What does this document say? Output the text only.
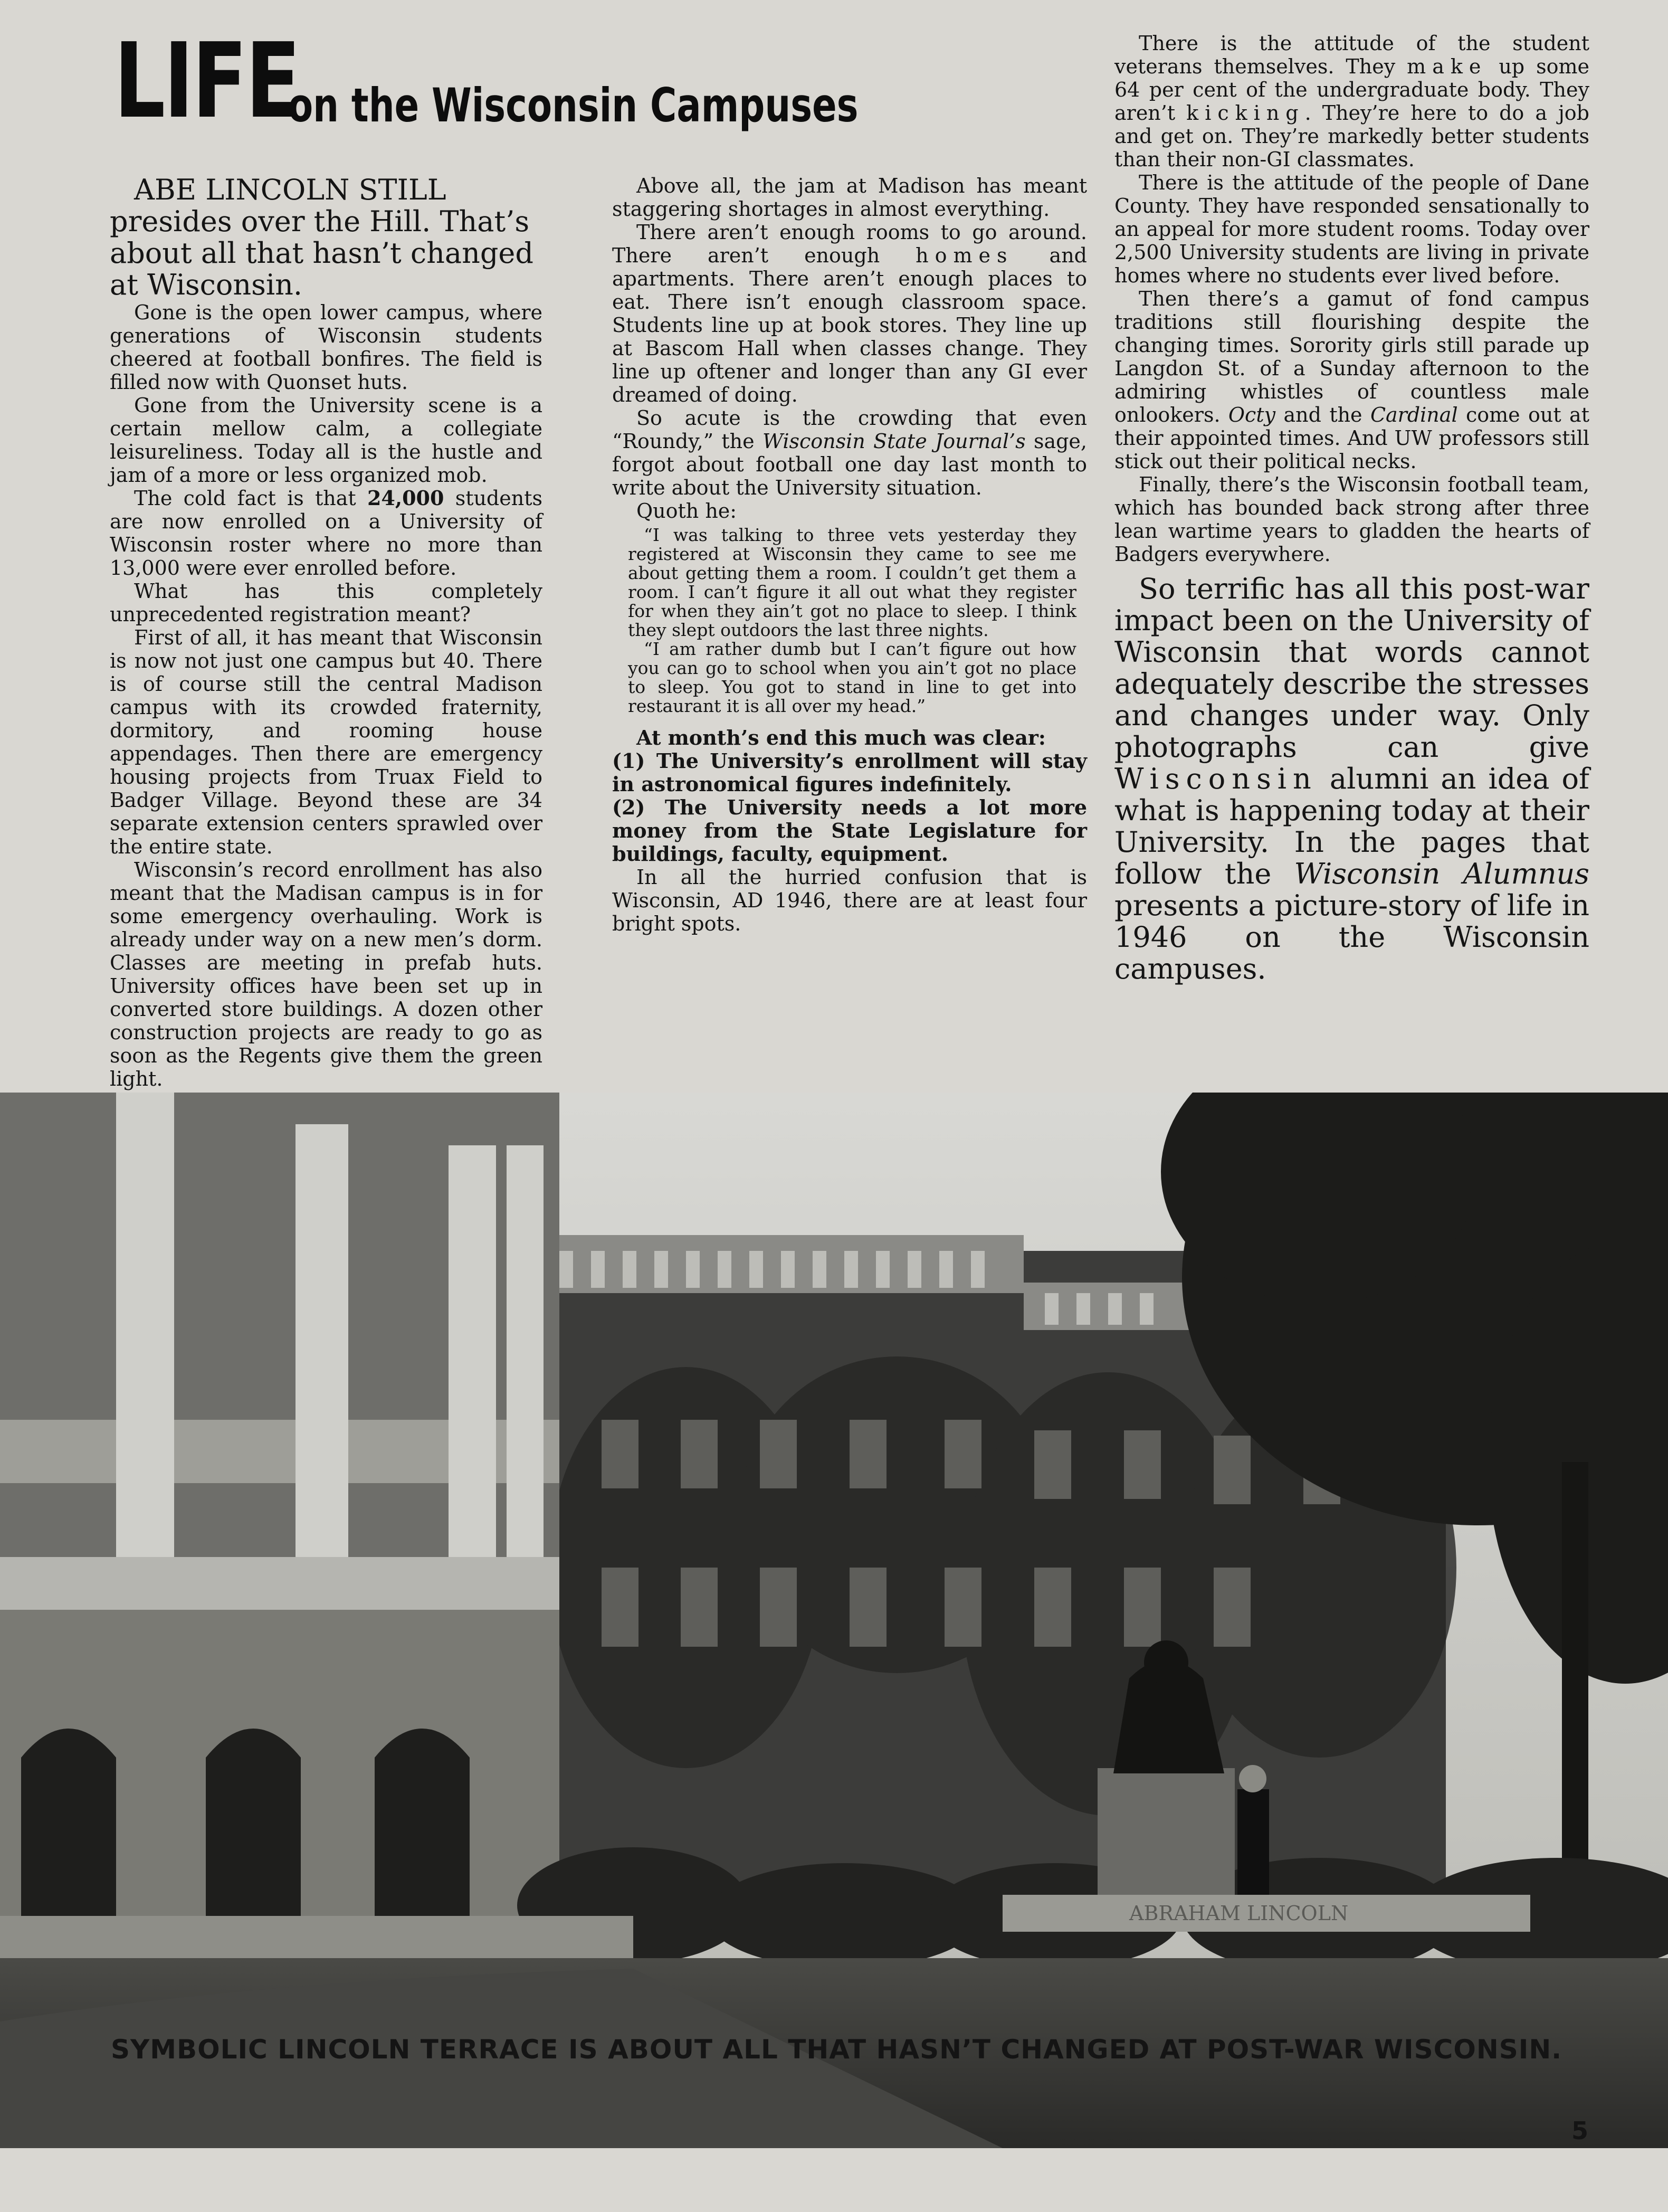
LIFE
on the Wisconsin Campuses

ABE LINCOLN STILL presides over the Hill. That’s about all that hasn’t changed at Wisconsin.

Gone is the open lower campus, where generations of Wisconsin students cheered at football bonfires. The field is filled now with Quonset huts.

Gone from the University scene is a certain mellow calm, a collegiate leisureliness. Today all is the hustle and jam of a more or less organized mob.

The cold fact is that 24,000 students are now enrolled on a University of Wisconsin roster where no more than 13,000 were ever enrolled before.

What has this completely unprecedented registration meant?

First of all, it has meant that Wisconsin is now not just one campus but 40. There is of course still the central Madison campus with its crowded fraternity, dormitory, and rooming house appendages. Then there are emergency housing projects from Truax Field to Badger Village. Beyond these are 34 separate extension centers sprawled over the entire state.

Wisconsin’s record enrollment has also meant that the Madisan campus is in for some emergency overhauling. Work is already under way on a new men’s dorm. Classes are meeting in prefab huts. University offices have been set up in converted store buildings. A dozen other construction projects are ready to go as soon as the Regents give them the green light.

Above all, the jam at Madison has meant staggering shortages in almost everything.

There aren’t enough rooms to go around. There aren’t enough homes and apartments. There aren’t enough places to eat. There isn’t enough classroom space. Students line up at book stores. They line up at Bascom Hall when classes change. They line up oftener and longer than any GI ever dreamed of doing.

So acute is the crowding that even “Roundy,” the Wisconsin State Journal’s sage, forgot about football one day last month to write about the University situation.

Quoth he:

“I was talking to three vets yesterday they registered at Wisconsin they came to see me about getting them a room. I couldn’t get them a room. I can’t figure it all out what they register for when they ain’t got no place to sleep. I think they slept outdoors the last three nights.

“I am rather dumb but I can’t figure out how you can go to school when you ain’t got no place to sleep. You got to stand in line to get into restaurant it is all over my head.”

At month’s end this much was clear:

(1) The University’s enrollment will stay in astronomical figures indefinitely.

(2) The University needs a lot more money from the State Legislature for buildings, faculty, equipment.

In all the hurried confusion that is Wisconsin, AD 1946, there are at least four bright spots.

There is the attitude of the student veterans themselves. They make up some 64 per cent of the undergraduate body. They aren’t kicking. They’re here to do a job and get on. They’re markedly better students than their non-GI classmates.

There is the attitude of the people of Dane County. They have responded sensationally to an appeal for more student rooms. Today over 2,500 University students are living in private homes where no students ever lived before.

Then there’s a gamut of fond campus traditions still flourishing despite the changing times. Sorority girls still parade up Langdon St. of a Sunday afternoon to the admiring whistles of countless male onlookers. Octy and the Cardinal come out at their appointed times. And UW professors still stick out their political necks.

Finally, there’s the Wisconsin football team, which has bounded back strong after three lean wartime years to gladden the hearts of Badgers everywhere.

So terrific has all this post-war impact been on the University of Wisconsin that words cannot adequately describe the stresses and changes under way. Only photographs can give Wisconsin alumni an idea of what is happening today at their University. In the pages that follow the Wisconsin Alumnus presents a picture-story of life in 1946 on the Wisconsin campuses.

ABRAHAM LINCOLN
SYMBOLIC LINCOLN TERRACE IS ABOUT ALL THAT HASN’T CHANGED AT POST-WAR WISCONSIN.
5
